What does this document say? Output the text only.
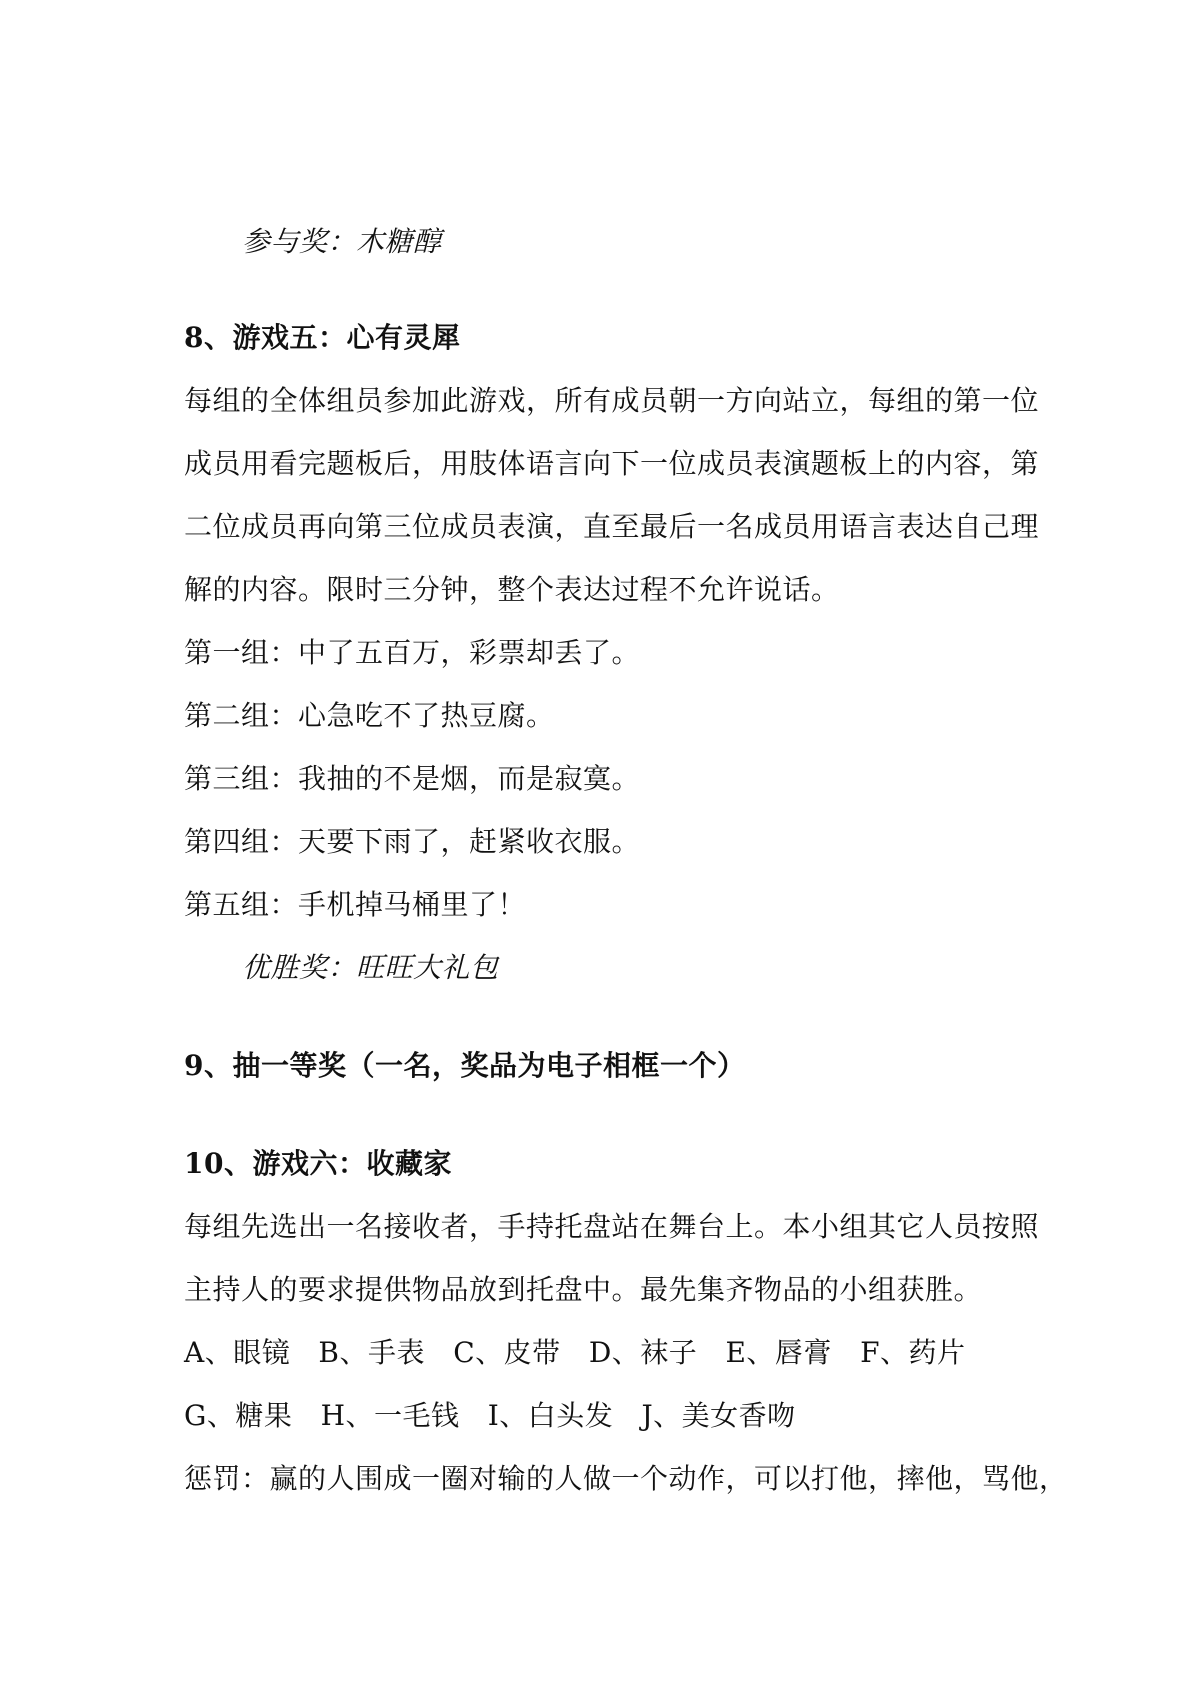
参与奖：木糖醇
8、游戏五：心有灵犀
每组的全体组员参加此游戏，所有成员朝一方向站立，每组的第一位
成员用看完题板后，用肢体语言向下一位成员表演题板上的内容，第
二位成员再向第三位成员表演，直至最后一名成员用语言表达自己理
解的内容。限时三分钟，整个表达过程不允许说话。
第一组：中了五百万，彩票却丢了。
第二组：心急吃不了热豆腐。
第三组：我抽的不是烟，而是寂寞。
第四组：天要下雨了，赶紧收衣服。
第五组：手机掉马桶里了！
优胜奖：旺旺大礼包
9、抽一等奖（一名，奖品为电子相框一个）
10、游戏六：收藏家
每组先选出一名接收者，手持托盘站在舞台上。本小组其它人员按照
主持人的要求提供物品放到托盘中。最先集齐物品的小组获胜。
A、眼镜   B、手表   C、皮带   D、袜子   E、唇膏   F、药片
G、糖果   H、一毛钱   I、白头发   J、美女香吻
惩罚：赢的人围成一圈对输的人做一个动作，可以打他，摔他，骂他，
